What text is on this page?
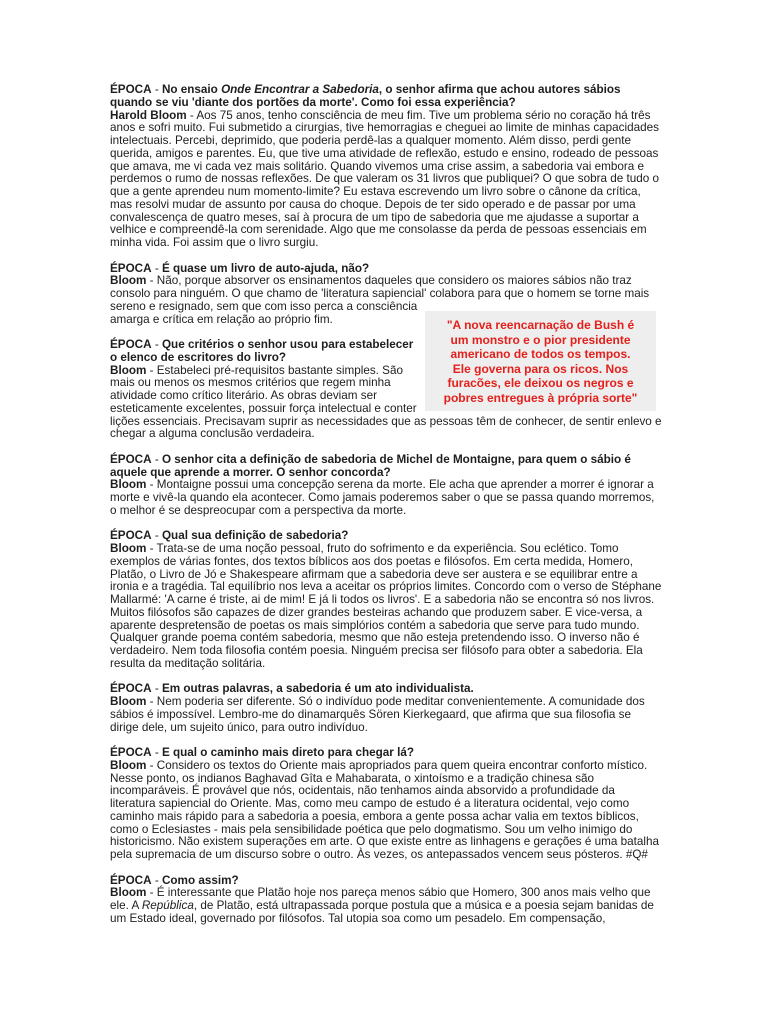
ÉPOCA - No ensaio Onde Encontrar a Sabedoria, o senhor afirma que achou autores sábios
quando se viu 'diante dos portões da morte'. Como foi essa experiência?
Harold Bloom - Aos 75 anos, tenho consciência de meu fim. Tive um problema sério no coração há três
anos e sofri muito. Fui submetido a cirurgias, tive hemorragias e cheguei ao limite de minhas capacidades
intelectuais. Percebi, deprimido, que poderia perdê-las a qualquer momento. Além disso, perdi gente
querida, amigos e parentes. Eu, que tive uma atividade de reflexão, estudo e ensino, rodeado de pessoas
que amava, me vi cada vez mais solitário. Quando vivemos uma crise assim, a sabedoria vai embora e
perdemos o rumo de nossas reflexões. De que valeram os 31 livros que publiquei? O que sobra de tudo o
que a gente aprendeu num momento-limite? Eu estava escrevendo um livro sobre o cânone da crítica,
mas resolvi mudar de assunto por causa do choque. Depois de ter sido operado e de passar por uma
convalescença de quatro meses, saí à procura de um tipo de sabedoria que me ajudasse a suportar a
velhice e compreendê-la com serenidade. Algo que me consolasse da perda de pessoas essenciais em
minha vida. Foi assim que o livro surgiu.
ÉPOCA - É quase um livro de auto-ajuda, não?
Bloom - Não, porque absorver os ensinamentos daqueles que considero os maiores sábios não traz
consolo para ninguém. O que chamo de 'literatura sapiencial' colabora para que o homem se torne mais
sereno e resignado, sem que com isso perca a consciência
amarga e crítica em relação ao próprio fim.
ÉPOCA - Que critérios o senhor usou para estabelecer
o elenco de escritores do livro?
Bloom - Estabeleci pré-requisitos bastante simples. São
mais ou menos os mesmos critérios que regem minha
atividade como crítico literário. As obras deviam ser
esteticamente excelentes, possuir força intelectual e conter
lições essenciais. Precisavam suprir as necessidades que as pessoas têm de conhecer, de sentir enlevo e
chegar a alguma conclusão verdadeira.
ÉPOCA - O senhor cita a definição de sabedoria de Michel de Montaigne, para quem o sábio é
aquele que aprende a morrer. O senhor concorda?
Bloom - Montaigne possui uma concepção serena da morte. Ele acha que aprender a morrer é ignorar a
morte e vivê-la quando ela acontecer. Como jamais poderemos saber o que se passa quando morremos,
o melhor é se despreocupar com a perspectiva da morte.
ÉPOCA - Qual sua definição de sabedoria?
Bloom - Trata-se de uma noção pessoal, fruto do sofrimento e da experiência. Sou eclético. Tomo
exemplos de várias fontes, dos textos bíblicos aos dos poetas e filósofos. Em certa medida, Homero,
Platão, o Livro de Jó e Shakespeare afirmam que a sabedoria deve ser austera e se equilibrar entre a
ironia e a tragédia. Tal equilíbrio nos leva a aceitar os próprios limites. Concordo com o verso de Stéphane
Mallarmé: 'A carne é triste, ai de mim! E já li todos os livros'. E a sabedoria não se encontra só nos livros.
Muitos filósofos são capazes de dizer grandes besteiras achando que produzem saber. E vice-versa, a
aparente despretensão de poetas os mais simplórios contém a sabedoria que serve para tudo mundo.
Qualquer grande poema contém sabedoria, mesmo que não esteja pretendendo isso. O inverso não é
verdadeiro. Nem toda filosofia contém poesia. Ninguém precisa ser filósofo para obter a sabedoria. Ela
resulta da meditação solitária.
ÉPOCA - Em outras palavras, a sabedoria é um ato individualista.
Bloom - Nem poderia ser diferente. Só o indivíduo pode meditar convenientemente. A comunidade dos
sábios é impossível. Lembro-me do dinamarquês Sören Kierkegaard, que afirma que sua filosofia se
dirige dele, um sujeito único, para outro indivíduo.
ÉPOCA - E qual o caminho mais direto para chegar lá?
Bloom - Considero os textos do Oriente mais apropriados para quem queira encontrar conforto místico.
Nesse ponto, os indianos Baghavad Gîta e Mahabarata, o xintoísmo e a tradição chinesa são
incomparáveis. É provável que nós, ocidentais, não tenhamos ainda absorvido a profundidade da
literatura sapiencial do Oriente. Mas, como meu campo de estudo é a literatura ocidental, vejo como
caminho mais rápido para a sabedoria a poesia, embora a gente possa achar valia em textos bíblicos,
como o Eclesiastes - mais pela sensibilidade poética que pelo dogmatismo. Sou um velho inimigo do
historicismo. Não existem superações em arte. O que existe entre as linhagens e gerações é uma batalha
pela supremacia de um discurso sobre o outro. Às vezes, os antepassados vencem seus pósteros. #Q#
ÉPOCA - Como assim?
Bloom - É interessante que Platão hoje nos pareça menos sábio que Homero, 300 anos mais velho que
ele. A República, de Platão, está ultrapassada porque postula que a música e a poesia sejam banidas de
um Estado ideal, governado por filósofos. Tal utopia soa como um pesadelo. Em compensação,
"A nova reencarnação de Bush é
um monstro e o pior presidente
americano de todos os tempos.
Ele governa para os ricos. Nos
furacões, ele deixou os negros e
pobres entregues à própria sorte"
